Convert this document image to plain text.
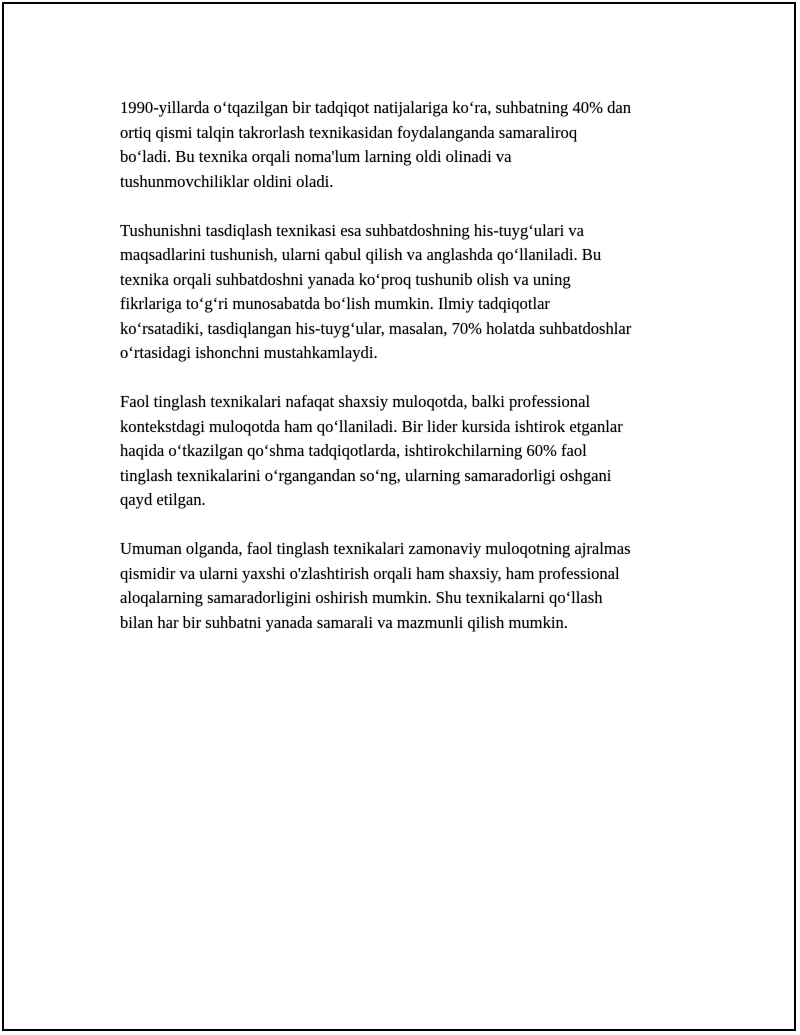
1990-yillarda o‘tqazilgan bir tadqiqot natijalariga ko‘ra, suhbatning 40% dan
ortiq qismi talqin takrorlash texnikasidan foydalanganda samaraliroq
bo‘ladi. Bu texnika orqali noma'lum larning oldi olinadi va
tushunmovchiliklar oldini oladi.

Tushunishni tasdiqlash texnikasi esa suhbatdoshning his-tuyg‘ulari va
maqsadlarini tushunish, ularni qabul qilish va anglashda qo‘llaniladi. Bu
texnika orqali suhbatdoshni yanada ko‘proq tushunib olish va uning
fikrlariga to‘g‘ri munosabatda bo‘lish mumkin. Ilmiy tadqiqotlar
ko‘rsatadiki, tasdiqlangan his-tuyg‘ular, masalan, 70% holatda suhbatdoshlar
o‘rtasidagi ishonchni mustahkamlaydi.

Faol tinglash texnikalari nafaqat shaxsiy muloqotda, balki professional
kontekstdagi muloqotda ham qo‘llaniladi. Bir lider kursida ishtirok etganlar
haqida o‘tkazilgan qo‘shma tadqiqotlarda, ishtirokchilarning 60% faol
tinglash texnikalarini o‘rgangandan so‘ng, ularning samaradorligi oshgani
qayd etilgan.

Umuman olganda, faol tinglash texnikalari zamonaviy muloqotning ajralmas
qismidir va ularni yaxshi o'zlashtirish orqali ham shaxsiy, ham professional
aloqalarning samaradorligini oshirish mumkin. Shu texnikalarni qo‘llash
bilan har bir suhbatni yanada samarali va mazmunli qilish mumkin.
